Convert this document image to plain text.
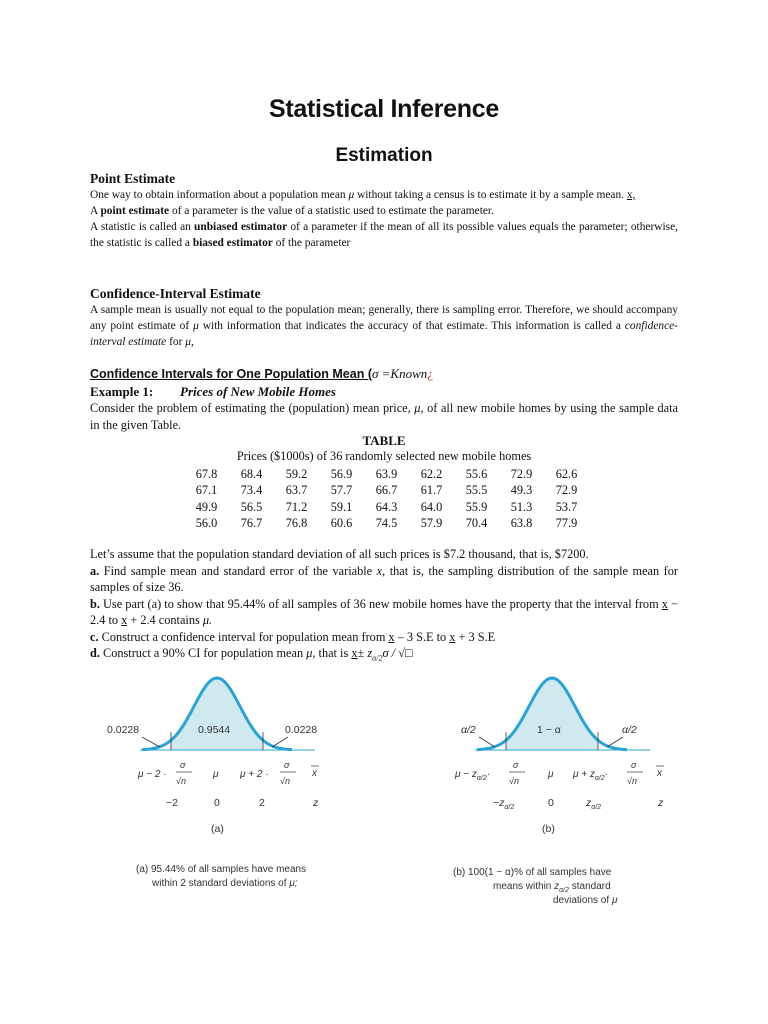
Statistical Inference
Estimation
Point Estimate

One way to obtain information about a population mean μ without taking a census is to estimate it by a sample mean. x,

A point estimate of a parameter is the value of a statistic used to estimate the parameter.

A statistic is called an unbiased estimator of a parameter if the mean of all its possible values equals the parameter; otherwise, the statistic is called a biased estimator of the parameter

Confidence-Interval Estimate

A sample mean is usually not equal to the population mean; generally, there is sampling error. Therefore, we should accompany any point estimate of μ with information that indicates the accuracy of that estimate. This information is called a confidence-interval estimate for μ,

Confidence Intervals for One Population Mean (σ =Known¿
Example 1: Prices of New Mobile Homes

Consider the problem of estimating the (population) mean price, μ, of all new mobile homes by using the sample data in the given Table.

TABLE
Prices ($1000s) of 36 randomly selected new mobile homes
67.8	68.4	59.2	56.9	63.9	62.2	55.6	72.9	62.6
67.1	73.4	63.7	57.7	66.7	61.7	55.5	49.3	72.9
49.9	56.5	71.2	59.1	64.3	64.0	55.9	51.3	53.7
56.0	76.7	76.8	60.6	74.5	57.9	70.4	63.8	77.9

Let’s assume that the population standard deviation of all such prices is $7.2 thousand, that is, $7200.

a. Find sample mean and standard error of the variable x, that is, the sampling distribution of the sample mean for samples of size 36.

b. Use part (a) to show that 95.44% of all samples of 36 new mobile homes have the property that the interval from x − 2.4 to x + 2.4 contains μ.

c. Construct a confidence interval for population mean from x – 3 S.E to x + 3 S.E

d. Construct a 90% CI for population mean μ, that is $x\pm z_{\alpha/2}\sigma$ / √□

0.0228	0.9544	0.0228
μ − 2 ·
σ
√n
μ μ + 2 ·
σ
√n
x
−2	0	2	z
(a)
(a) 95.44% of all samples have means
within 2 standard deviations of μ;
α/2	1 − α	α/2
$\mu - z_{\alpha/2}\cdot$
σ
√n
μ $\mu + z_{\alpha/2}\cdot$
σ
√n
x
$-z_{\alpha/2}$	0	$z_{\alpha/2}$	z
(b)
(b) 100(1 − α)% of all samples have
means within $z_{\alpha/2}$ standard
deviations of μ
